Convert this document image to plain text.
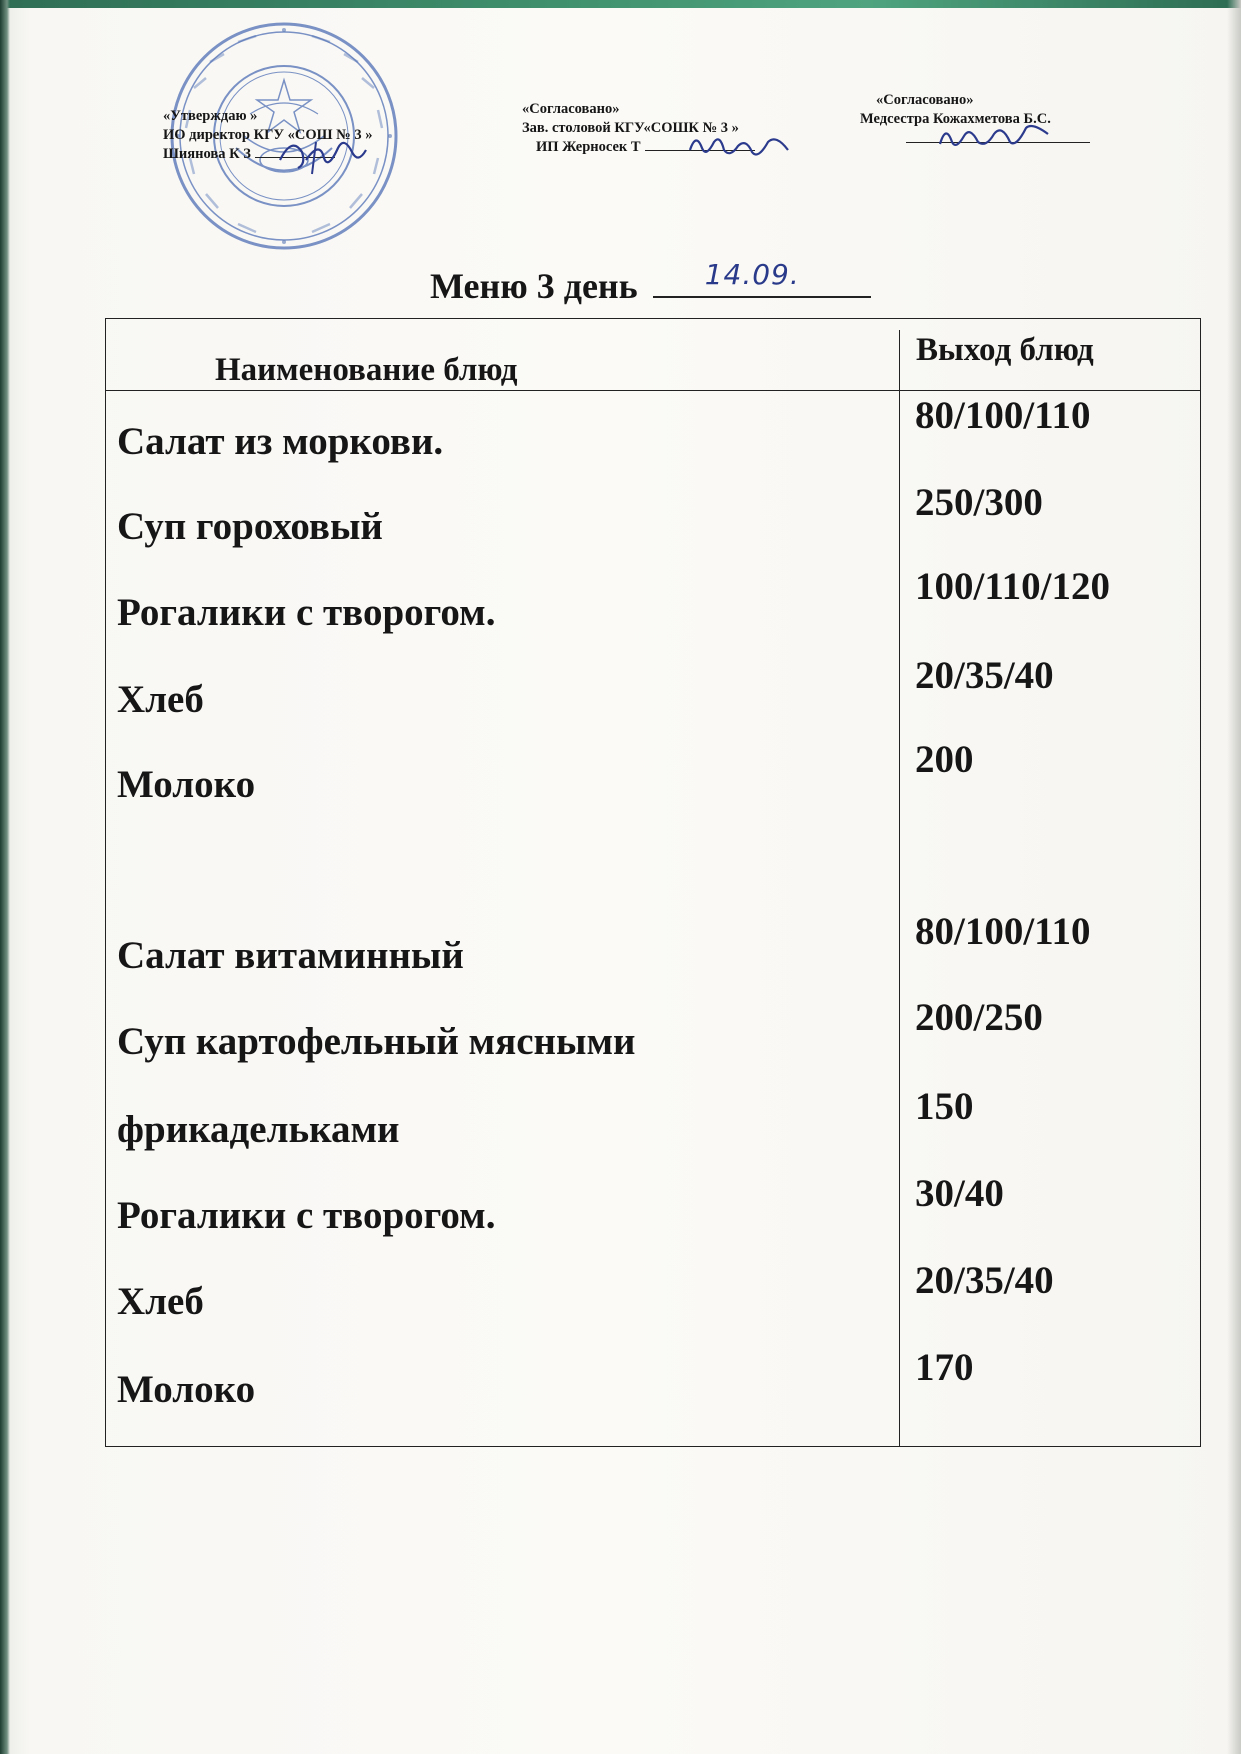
«Утверждаю »
ИО директор КГУ «СОШ № 3 »
Шиянова К З
«Согласовано»
Зав. столовой КГУ«СОШК № 3 »
ИП Жерносек Т
«Согласовано»
Медсестра Кожахметова Б.С.
Меню 3 день 14.09.
Наименование блюд
Выход блюд
Салат из моркови.
80/100/110
Суп гороховый
250/300
Рогалики с творогом.
100/110/120
Хлеб
20/35/40
Молоко
200
Салат витаминный
80/100/110
Суп картофельный мясными
200/250
фрикадельками
150
Рогалики с творогом.
30/40
Хлеб	20/35/40
Молоко
170
